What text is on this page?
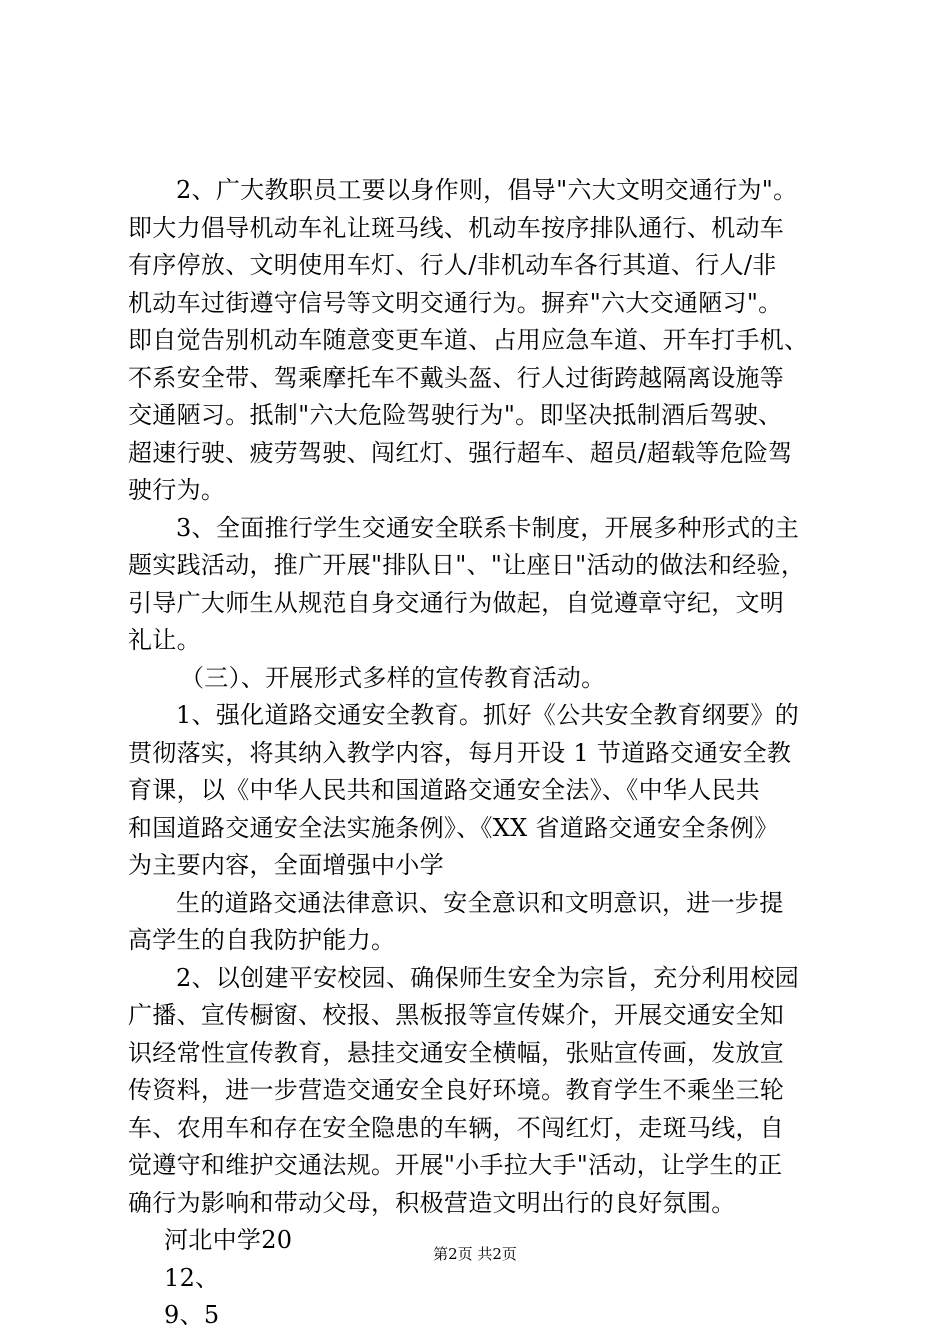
2、广大教职员工要以身作则，倡导"六大文明交通行为"。
即大力倡导机动车礼让斑马线、机动车按序排队通行、机动车
有序停放、文明使用车灯、行人/非机动车各行其道、行人/非
机动车过街遵守信号等文明交通行为。摒弃"六大交通陋习"。
即自觉告别机动车随意变更车道、占用应急车道、开车打手机、
不系安全带、驾乘摩托车不戴头盔、行人过街跨越隔离设施等
交通陋习。抵制"六大危险驾驶行为"。即坚决抵制酒后驾驶、
超速行驶、疲劳驾驶、闯红灯、强行超车、超员/超载等危险驾
驶行为。
3、全面推行学生交通安全联系卡制度，开展多种形式的主
题实践活动，推广开展"排队日"、"让座日"活动的做法和经验，
引导广大师生从规范自身交通行为做起，自觉遵章守纪，文明
礼让。
（三）、开展形式多样的宣传教育活动。
1、强化道路交通安全教育。抓好《公共安全教育纲要》的
贯彻落实，将其纳入教学内容，每月开设 1 节道路交通安全教
育课，以《中华人民共和国道路交通安全法》、《中华人民共
和国道路交通安全法实施条例》、《XX 省道路交通安全条例》
为主要内容，全面增强中小学
生的道路交通法律意识、安全意识和文明意识，进一步提
高学生的自我防护能力。
2、以创建平安校园、确保师生安全为宗旨，充分利用校园
广播、宣传橱窗、校报、黑板报等宣传媒介，开展交通安全知
识经常性宣传教育，悬挂交通安全横幅，张贴宣传画，发放宣
传资料，进一步营造交通安全良好环境。教育学生不乘坐三轮
车、农用车和存在安全隐患的车辆，不闯红灯，走斑马线，自
觉遵守和维护交通法规。开展"小手拉大手"活动，让学生的正
确行为影响和带动父母，积极营造文明出行的良好氛围。
河北中学20
12、
9、5
第2页 共2页
